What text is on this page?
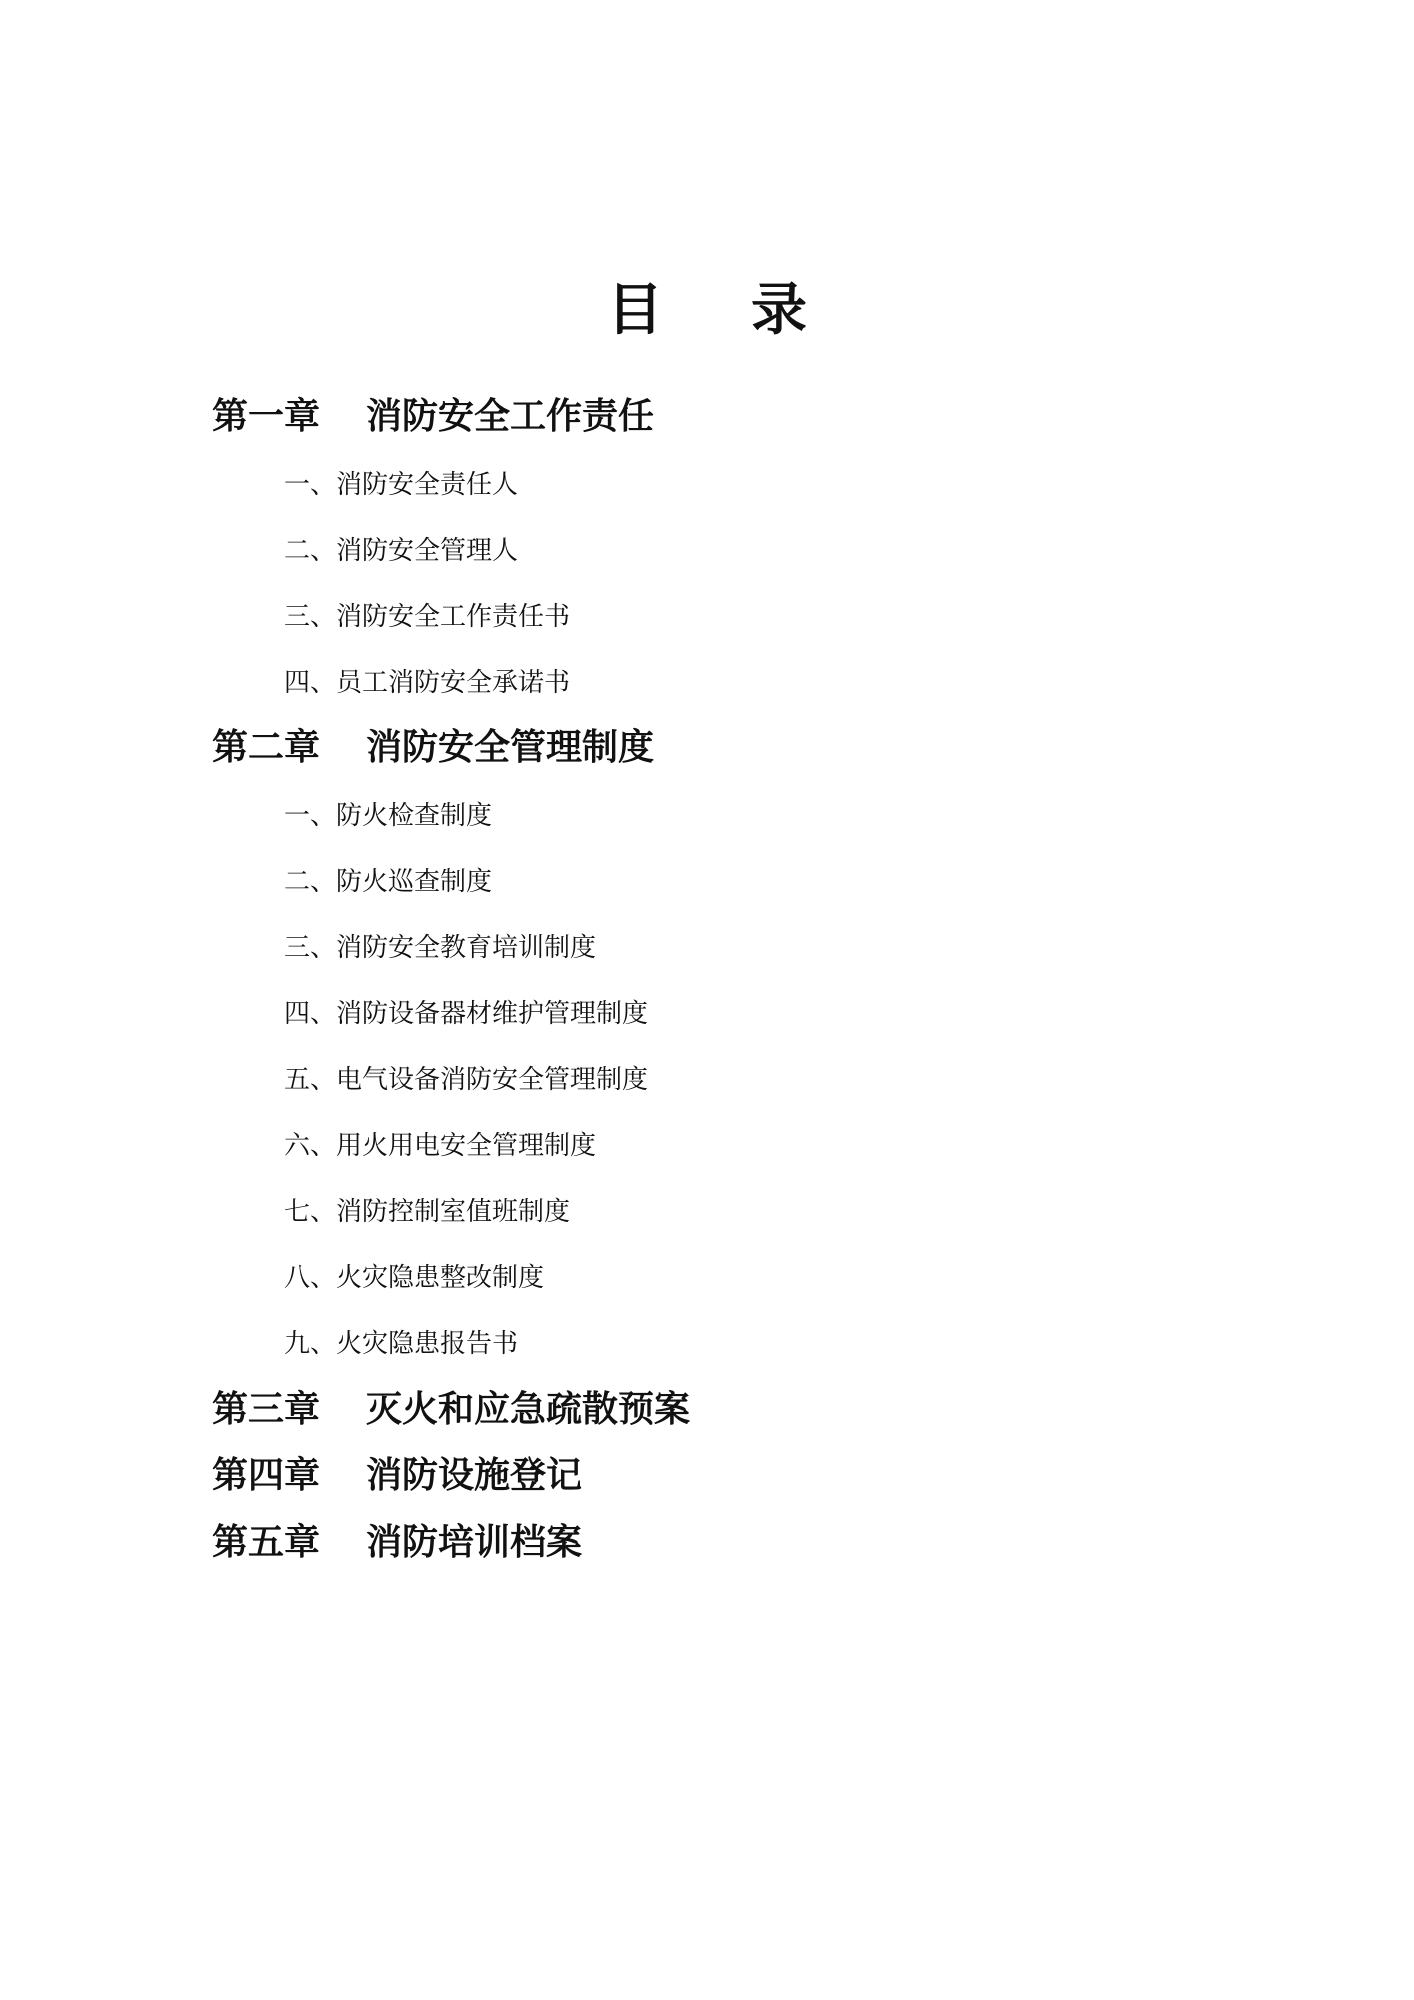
目 录
第一章 消防安全工作责任
一、消防安全责任人
二、消防安全管理人
三、消防安全工作责任书
四、员工消防安全承诺书
第二章 消防安全管理制度
一、防火检查制度
二、防火巡查制度
三、消防安全教育培训制度
四、消防设备器材维护管理制度
五、电气设备消防安全管理制度
六、用火用电安全管理制度
七、消防控制室值班制度
八、火灾隐患整改制度
九、火灾隐患报告书
第三章 灭火和应急疏散预案
第四章 消防设施登记
第五章 消防培训档案
